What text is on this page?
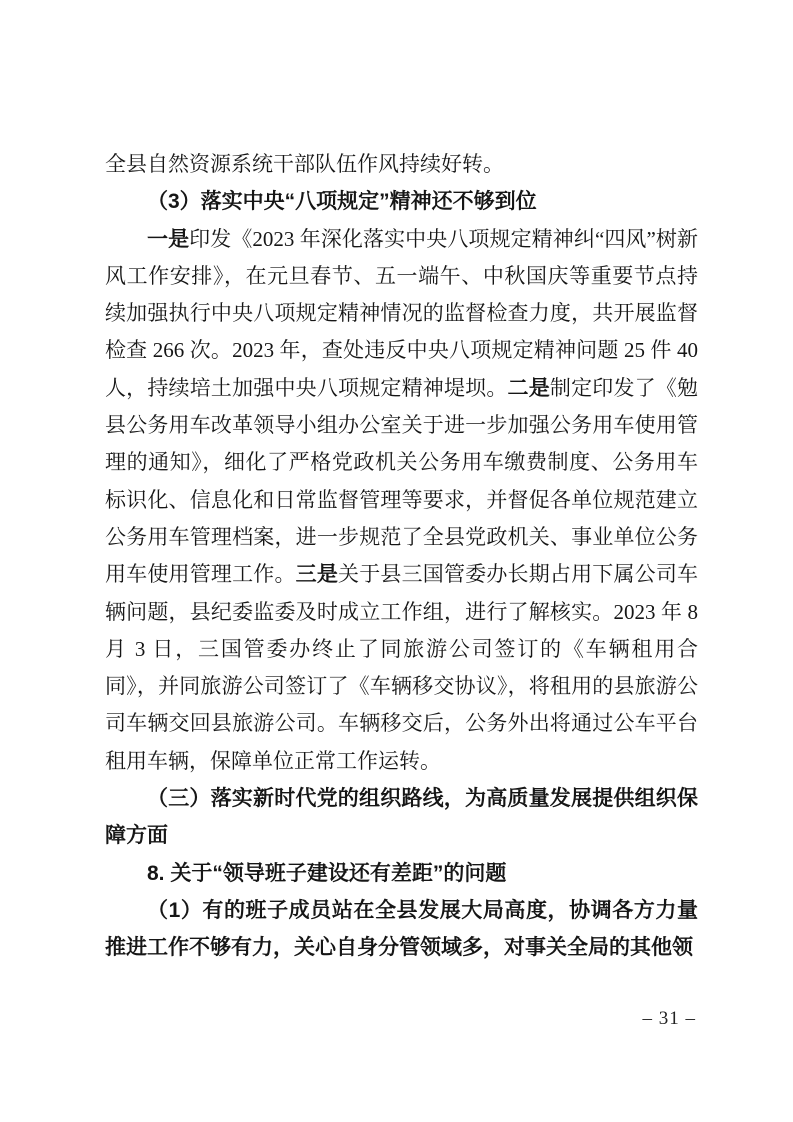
全县自然资源系统干部队伍作风持续好转。

（3）落实中央“八项规定”精神还不够到位

一是印发《2023 年深化落实中央八项规定精神纠“四风”树新风工作安排》，在元旦春节、五一端午、中秋国庆等重要节点持续加强执行中央八项规定精神情况的监督检查力度，共开展监督检查 266 次。2023 年，查处违反中央八项规定精神问题 25 件 40 人，持续培土加强中央八项规定精神堤坝。二是制定印发了《勉县公务用车改革领导小组办公室关于进一步加强公务用车使用管理的通知》，细化了严格党政机关公务用车缴费制度、公务用车标识化、信息化和日常监督管理等要求，并督促各单位规范建立公务用车管理档案，进一步规范了全县党政机关、事业单位公务用车使用管理工作。三是关于县三国管委办长期占用下属公司车辆问题，县纪委监委及时成立工作组，进行了解核实。2023 年 8 月 3 日，三国管委办终止了同旅游公司签订的《车辆租用合同》，并同旅游公司签订了《车辆移交协议》，将租用的县旅游公司车辆交回县旅游公司。车辆移交后，公务外出将通过公车平台租用车辆，保障单位正常工作运转。

（三）落实新时代党的组织路线，为高质量发展提供组织保障方面

8. 关于“领导班子建设还有差距”的问题

（1）有的班子成员站在全县发展大局高度，协调各方力量推进工作不够有力，关心自身分管领域多，对事关全局的其他领

– 31 –
